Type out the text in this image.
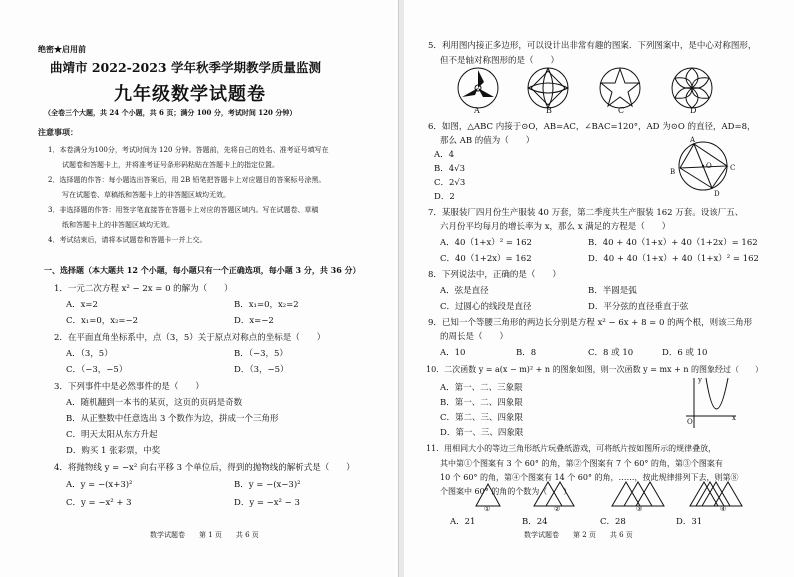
绝密★启用前
曲靖市 2022-2023 学年秋季学期教学质量监测
九年级数学试题卷
（全卷三个大题，共 24 个小题，共 6 页；满分 100 分，考试时间 120 分钟）
注意事项：
1．本卷满分为100分，考试时间为 120 分钟。答题前，先将自己的姓名、准考证号填写在
试题卷和答题卡上，并将准考证号条形码粘贴在答题卡上的指定位置。
2．选择题的作答：每小题选出答案后，用 2B 铅笔把答题卡上对应题目的答案标号涂黑。
写在试题卷、草稿纸和答题卡上的非答题区域均无效。
3．非选择题的作答：用签字笔直接答在答题卡上对应的答题区域内。写在试题卷、草稿
纸和答题卡上的非答题区域均无效。
4．考试结束后，请将本试题卷和答题卡一并上交。
一、选择题（本大题共 12 个小题，每小题只有一个正确选项，每小题 3 分，共 36 分）
1．一元二次方程 x² − 2x = 0 的解为（　　）
A．x=2	B．x₁=0，x₂=2
C．x₁=0，x₂=−2	D．x=−2
2．在平面直角坐标系中，点（3，5）关于原点对称点的坐标是（　　）
A．（3，5）	B．（−3，5）
C．（−3，−5）	D．（3，−5）
3．下列事件中是必然事件的是（　　）
A．随机翻到一本书的某页，这页的页码是奇数
B．从正整数中任意选出 3 个数作为边，拼成一个三角形
C．明天太阳从东方升起
D．购买 1 张彩票，中奖
4．将抛物线 y = −x² 向右平移 3 个单位后，得到的抛物线的解析式是（　　）
A．y = −(x+3)²	B．y = −(x−3)²
C．y = −x² + 3	D．y = −x² − 3
数学试题卷　　第 1 页　　共 6 页
5．利用图内接正多边形，可以设计出非常有趣的图案．下列图案中，是中心对称图形，
但不是轴对称图形的是（　　）
A	B	C	D
6．如图，△ABC 内接于⊙O，AB=AC，∠BAC=120°，AD 为⊙O 的直径，AD=8，
那么 AB 的值为（　　）
A．4
B．4√3
C．2√3
D．2
A
O
B	C
D
7．某服装厂四月份生产服装 40 万套，第二季度共生产服装 162 万套。设该厂五、
六月份平均每月的增长率为 x，那么 x 满足的方程是（　　）
A．40（1+x）² = 162	B．40 + 40（1+x）+ 40（1+2x）= 162
C．40（1+2x）= 162	D．40 + 40（1+x）+ 40（1+x）² = 162
8．下列说法中，正确的是（　　）
A．弦是直径	B．半圆是弧
C．过圆心的线段是直径	D．平分弦的直径垂直于弦
9．已知一个等腰三角形的两边长分别是方程 x² − 6x + 8 = 0 的两个根，则该三角形
的周长是（　　）
A．10	B．8	C．8 或 10	D．6 或 10
10．二次函数 y = a(x − m)² + n 的图象如图，则一次函数 y = mx + n 的图象经过（　　）
A．第一、二、三象限
B．第一、二、四象限
C．第二、三、四象限
D．第一、三、四象限
y
O	x
11．用相同大小的等边三角形纸片玩叠纸游戏，可将纸片按如图所示的规律叠放，
其中第①个图案有 3 个 60° 的角，第②个图案有 7 个 60° 的角，第③个图案有
10 个 60° 的角，第④个图案有 14 个 60° 的角，……，按此规律排列下去，则第⑧
个图案中 60° 的角的个数为（　　）
①	②	③	④
A．21	B．24	C．28	D．31
数学试题卷　　第 2 页　　共 6 页
